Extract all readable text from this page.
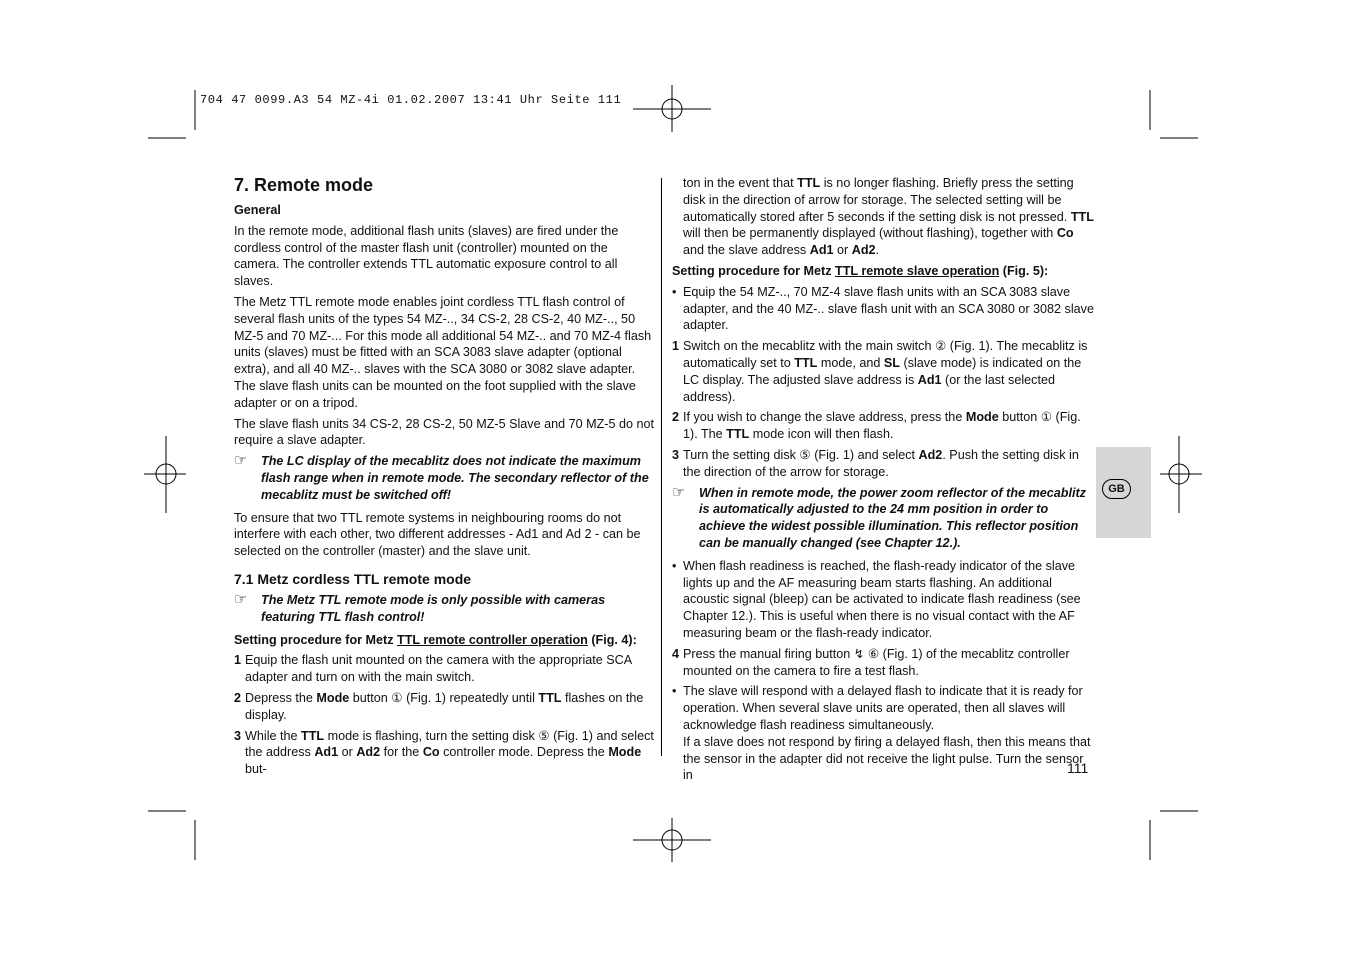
704 47 0099.A3 54 MZ-4i 01.02.2007 13:41 Uhr Seite 111
GB
111
7. Remote mode
General

In the remote mode, additional flash units (slaves) are fired under the cordless control of the master flash unit (controller) mounted on the camera. The controller extends TTL automatic exposure control to all slaves.

The Metz TTL remote mode enables joint cordless TTL flash control of several flash units of the types 54 MZ-.., 34 CS-2, 28 CS-2, 40 MZ-.., 50 MZ-5 and 70 MZ-... For this mode all additional 54 MZ-.. and 70 MZ-4 flash units (slaves) must be fitted with an SCA 3083 slave adapter (optional extra), and all 40 MZ-.. slaves with the SCA 3080 or 3082 slave adapter. The slave flash units can be mounted on the foot supplied with the slave adapter or on a tripod.

The slave flash units 34 CS-2, 28 CS-2, 50 MZ-5 Slave and 70 MZ-5 do not require a slave adapter.

☞	The LC display of the mecablitz does not indicate the maximum flash range when in remote mode. The secondary reflector of the mecablitz must be switched off!

To ensure that two TTL remote systems in neighbouring rooms do not interfere with each other, two different addresses - Ad1 and Ad 2 - can be selected on the controller (master) and the slave unit.

7.1 Metz cordless TTL remote mode
☞	The Metz TTL remote mode is only possible with cameras featuring TTL flash control!
Setting procedure for Metz TTL remote controller operation (Fig. 4):
1 Equip the flash unit mounted on the camera with the appropriate SCA adapter and turn on with the main switch.
2 Depress the Mode button ① (Fig. 1) repeatedly until TTL flashes on the display.
3 While the TTL mode is flashing, turn the setting disk ⑤ (Fig. 1) and select the address Ad1 or Ad2 for the Co controller mode. Depress the Mode but-

ton in the event that TTL is no longer flashing. Briefly press the setting disk in the direction of arrow for storage. The selected setting will be automatically stored after 5 seconds if the setting disk is not pressed. TTL will then be permanently displayed (without flashing), together with Co and the slave address Ad1 or Ad2.

Setting procedure for Metz TTL remote slave operation (Fig. 5):
• Equip the 54 MZ-.., 70 MZ-4 slave flash units with an SCA 3083 slave adapter, and the 40 MZ-.. slave flash unit with an SCA 3080 or 3082 slave adapter.
1 Switch on the mecablitz with the main switch ② (Fig. 1). The mecablitz is automatically set to TTL mode, and SL (slave mode) is indicated on the LC display. The adjusted slave address is Ad1 (or the last selected address).
2 If you wish to change the slave address, press the Mode button ① (Fig. 1). The TTL mode icon will then flash.
3 Turn the setting disk ⑤ (Fig. 1) and select Ad2. Push the setting disk in the direction of the arrow for storage.
☞	When in remote mode, the power zoom reflector of the mecablitz is automatically adjusted to the 24 mm position in order to achieve the widest possible illumination. This reflector position can be manually changed (see Chapter 12.).
• When flash readiness is reached, the flash-ready indicator of the slave lights up and the AF measuring beam starts flashing. An additional acoustic signal (bleep) can be activated to indicate flash readiness (see Chapter 12.). This is useful when there is no visual contact with the AF measuring beam or the flash-ready indicator.
4 Press the manual firing button ↯ ⑥ (Fig. 1) of the mecablitz controller mounted on the camera to fire a test flash.
• The slave will respond with a delayed flash to indicate that it is ready for operation. When several slave units are operated, then all slaves will acknowledge flash readiness simultaneously.
If a slave does not respond by firing a delayed flash, then this means that the sensor in the adapter did not receive the light pulse. Turn the sensor in
